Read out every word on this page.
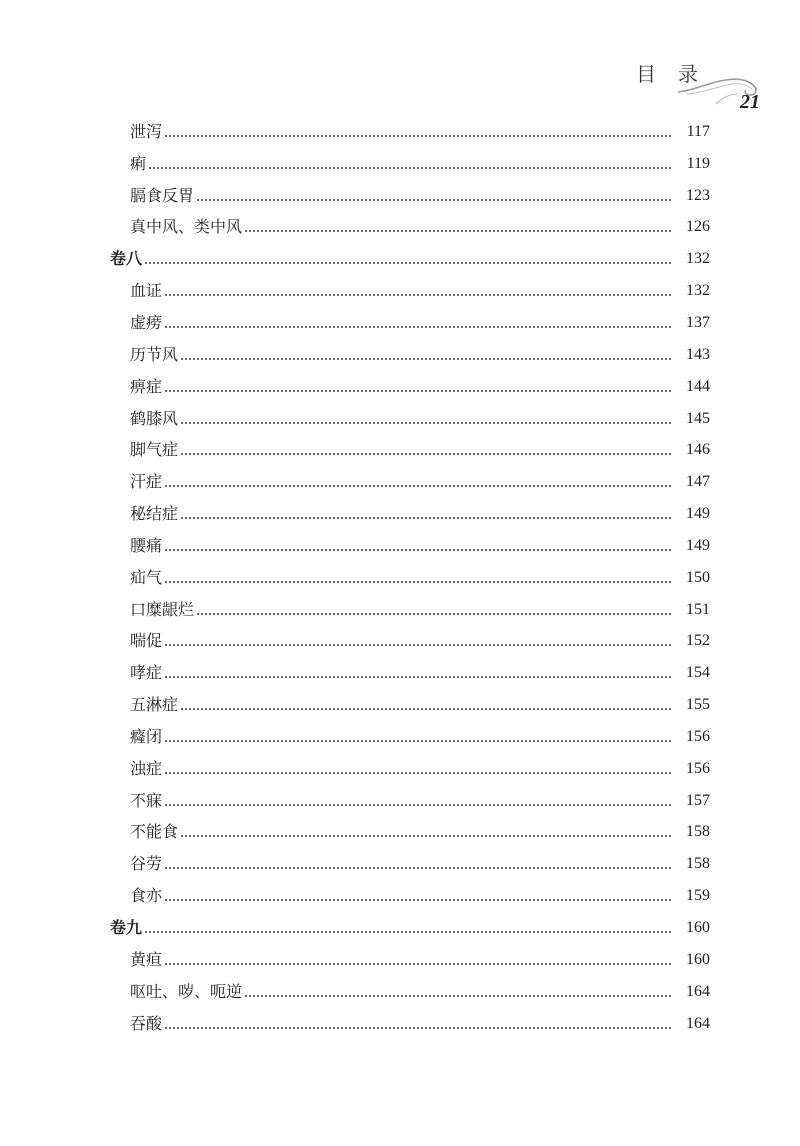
目录
21
泄泻	117
痢	119
膈食反胃	123
真中风、类中风	126
卷八	132
血证	132
虚痨	137
历节风	143
痹症	144
鹤膝风	145
脚气症	146
汗症	147
秘结症	149
腰痛	149
疝气	150
口糜龈烂	151
喘促	152
哮症	154
五淋症	155
癃闭	156
浊症	156
不寐	157
不能食	158
谷劳	158
食亦	159
卷九	160
黄疸	160
呕吐、哕、呃逆	164
吞酸	164
